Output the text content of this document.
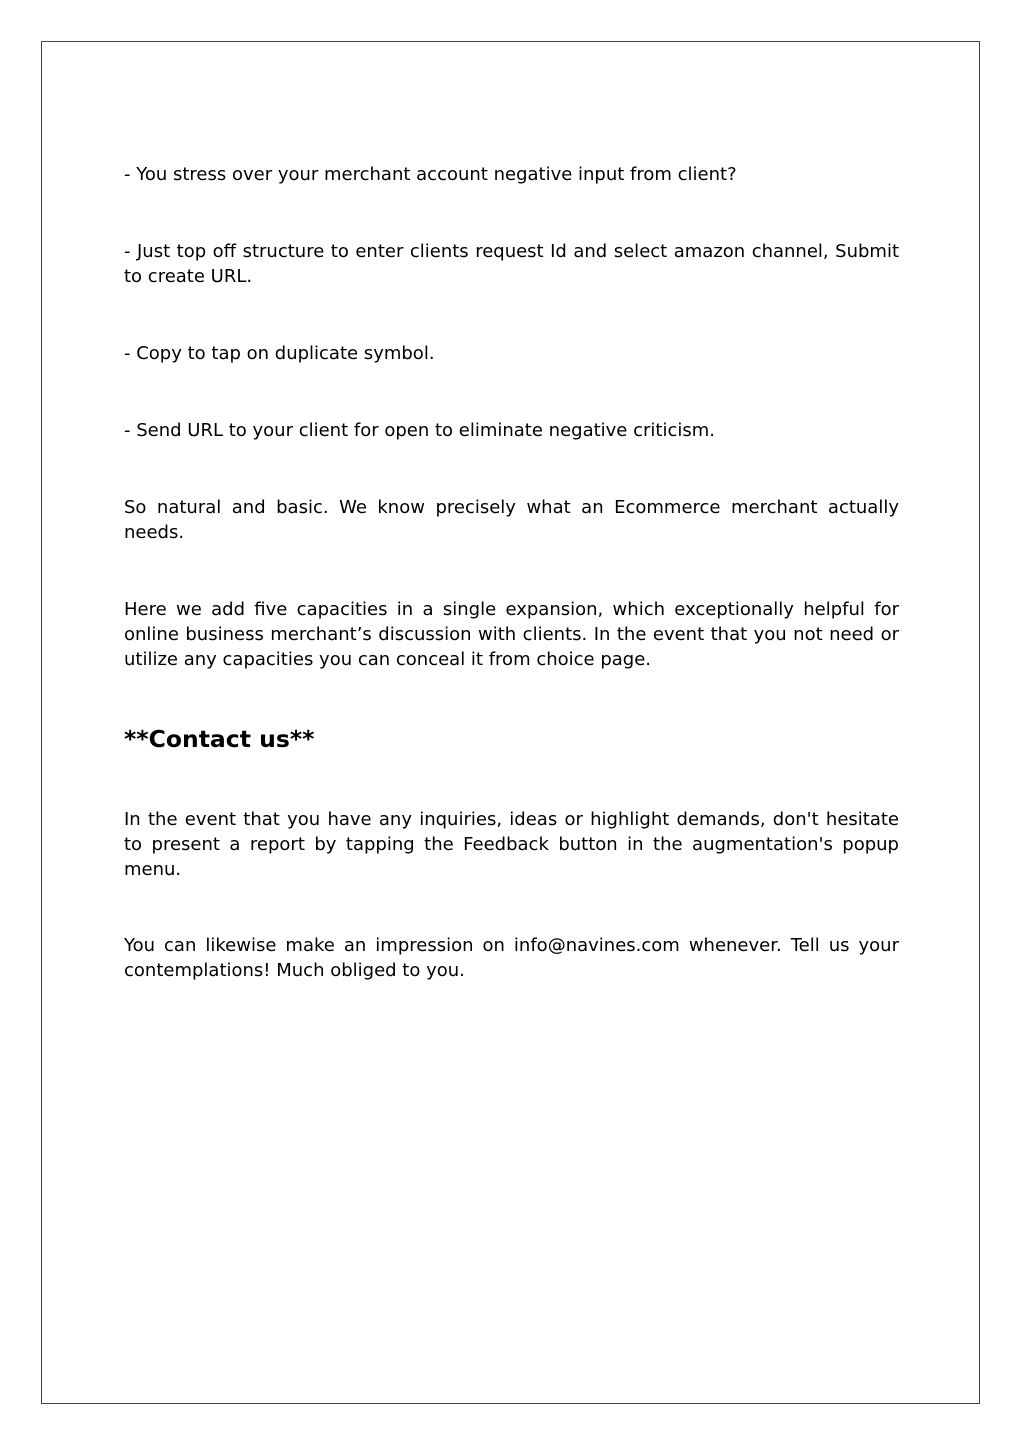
- You stress over your merchant account negative input from client?

- Just top off structure to enter clients request Id and select amazon channel, Submit to create URL.

- Copy to tap on duplicate symbol.

- Send URL to your client for open to eliminate negative criticism.

So natural and basic. We know precisely what an Ecommerce merchant actually needs.

Here we add five capacities in a single expansion, which exceptionally helpful for online business merchant’s discussion with clients. In the event that you not need or utilize any capacities you can conceal it from choice page.

**Contact us**

In the event that you have any inquiries, ideas or highlight demands, don't hesitate to present a report by tapping the Feedback button in the augmentation's popup menu.

You can likewise make an impression on info@navines.com whenever. Tell us your contemplations! Much obliged to you.
